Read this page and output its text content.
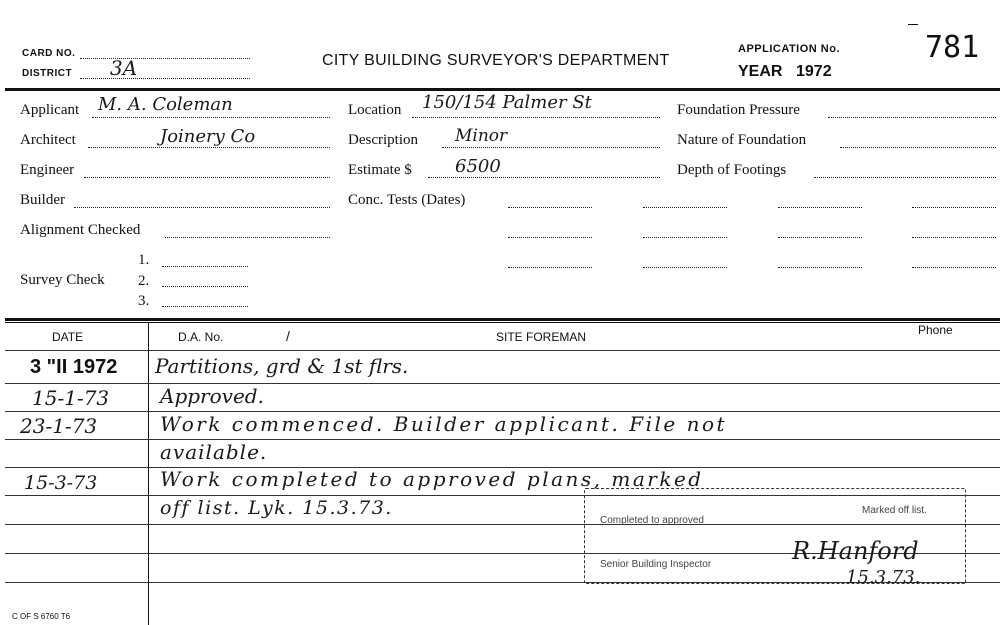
CARD NO.
DISTRICT 3A	CITY BUILDING SURVEYOR'S DEPARTMENT
APPLICATION No.	781
YEAR 1972
Applicant M. A. Coleman
Architect	Joinery Co
Engineer
Builder
Alignment Checked
Survey Check
1.
2.
3.
Location 150/154 Palmer St
Description Minor
Estimate $ 6500
Conc. Tests (Dates)
Foundation Pressure
Nature of Foundation
Depth of Footings
DATE	D.A. No.	/	SITE FOREMAN	Phone
3 "II 1972 Partitions, grd & 1st flrs.
15-1-73	Approved.
23-1-73	Work commenced. Builder applicant. File not
available.
15-3-73	Work completed to approved plans, marked
off list. Lyk. 15.3.73.
Completed to approved
Marked off list.
Senior Building Inspector	R.Hanford
15.3.73.
C OF S 6760 T6
